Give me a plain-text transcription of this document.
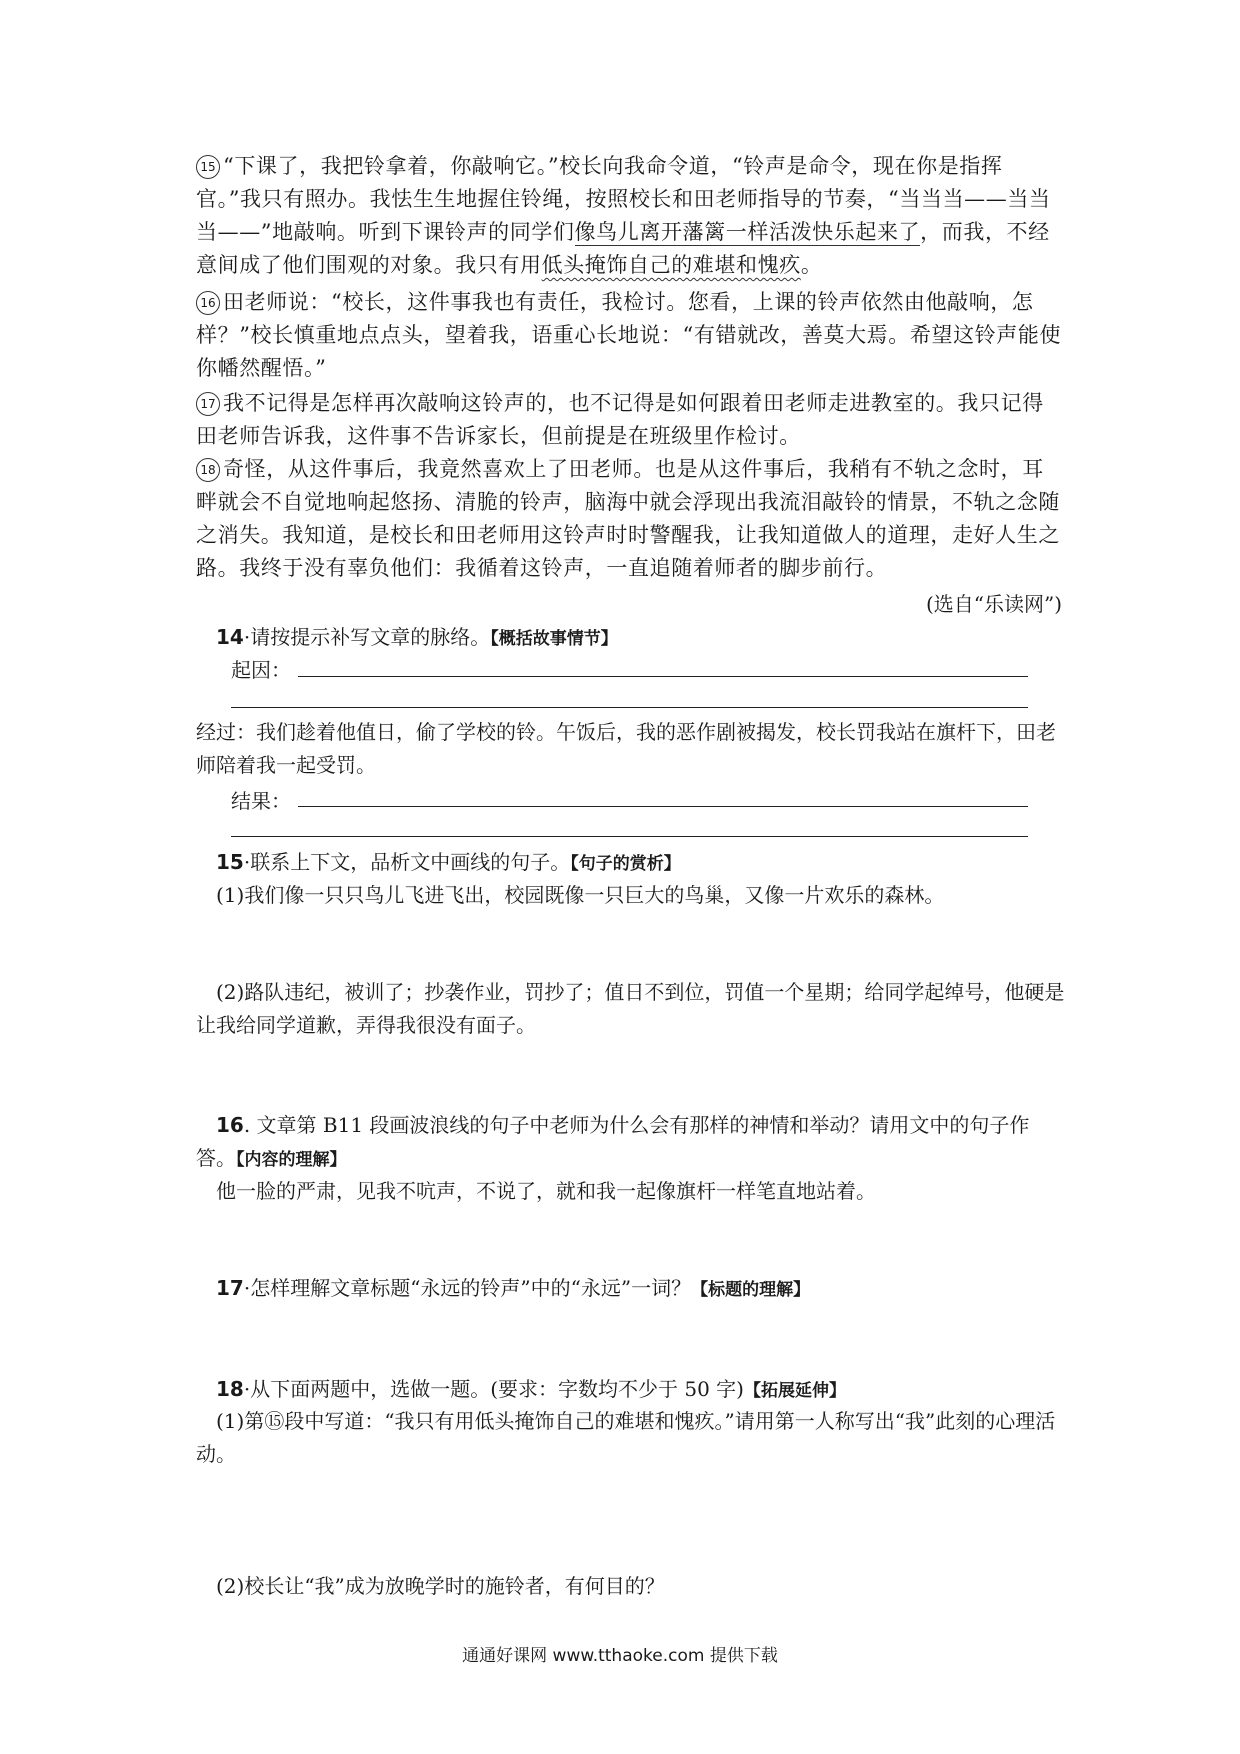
15 “下课了，我把铃拿着，你敲响它。”校长向我命令道，“铃声是命令，现在你是指挥官。”我只有照办。我怯生生地握住铃绳，按照校长和田老师指导的节奏，“当当当——当当当——”地敲响。听到下课铃声的同学们像鸟儿离开藩篱一样活泼快乐起来了，而我，不经意间成了他们围观的对象。我只有用低头掩饰自己的难堪和愧疚。

16 田老师说：“校长，这件事我也有责任，我检讨。您看，上课的铃声依然由他敲响，怎样？”校长慎重地点点头，望着我，语重心长地说：“有错就改，善莫大焉。希望这铃声能使你幡然醒悟。”

17 我不记得是怎样再次敲响这铃声的，也不记得是如何跟着田老师走进教室的。我只记得田老师告诉我，这件事不告诉家长，但前提是在班级里作检讨。

18 奇怪，从这件事后，我竟然喜欢上了田老师。也是从这件事后，我稍有不轨之念时，耳畔就会不自觉地响起悠扬、清脆的铃声，脑海中就会浮现出我流泪敲铃的情景，不轨之念随之消失。我知道，是校长和田老师用这铃声时时警醒我，让我知道做人的道理，走好人生之路。我终于没有辜负他们：我循着这铃声，一直追随着师者的脚步前行。

(选自“乐读网”)

14·请按提示补写文章的脉络。【概括故事情节】

起因：

经过：我们趁着他值日，偷了学校的铃。午饭后，我的恶作剧被揭发，校长罚我站在旗杆下，田老师陪着我一起受罚。

结果：

15·联系上下文，品析文中画线的句子。【句子的赏析】

(1)我们像一只只鸟儿飞进飞出，校园既像一只巨大的鸟巢，又像一片欢乐的森林。

(2)路队违纪，被训了；抄袭作业，罚抄了；值日不到位，罚值一个星期；给同学起绰号，他硬是让我给同学道歉，弄得我很没有面子。

16. 文章第 B11 段画波浪线的句子中老师为什么会有那样的神情和举动？请用文中的句子作答。【内容的理解】

他一脸的严肃，见我不吭声，不说了，就和我一起像旗杆一样笔直地站着。

17·怎样理解文章标题“永远的铃声”中的“永远”一词？【标题的理解】

18·从下面两题中，选做一题。(要求：字数均不少于 50 字)【拓展延伸】

(1)第⑮段中写道：“我只有用低头掩饰自己的难堪和愧疚。”请用第一人称写出“我”此刻的心理活动。

(2)校长让“我”成为放晚学时的施铃者，有何目的？

通通好课网 www.tthaoke.com 提供下载
